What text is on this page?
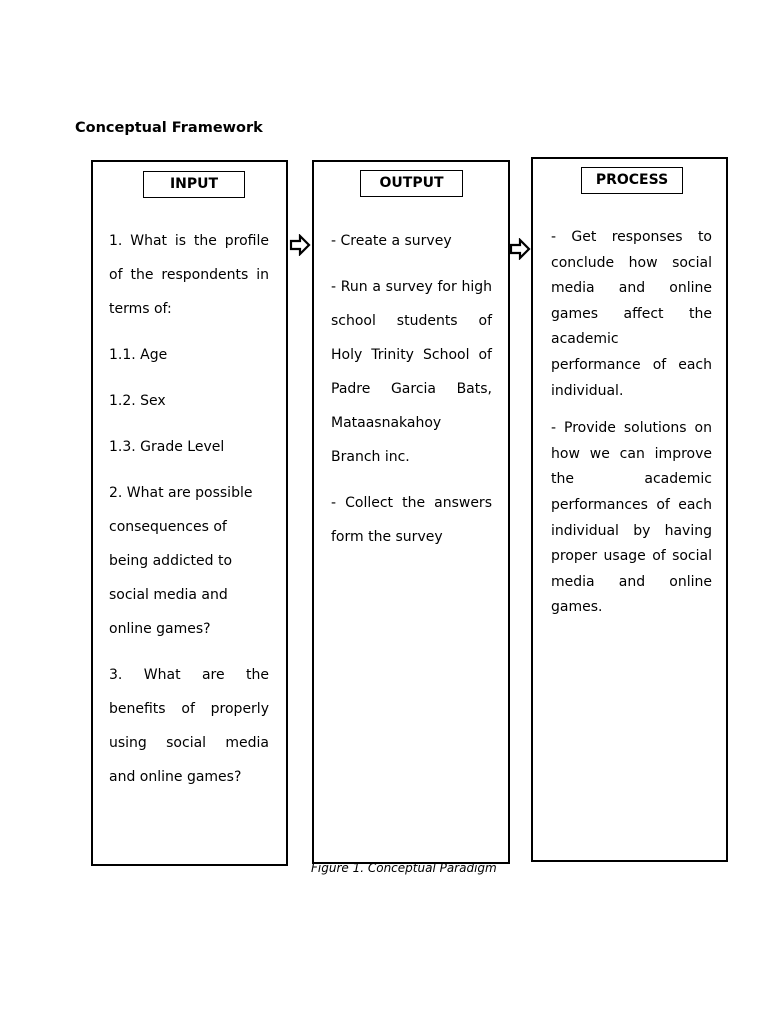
Conceptual Framework
INPUT

1. What is the profile of the respondents in terms of:

1.1. Age

1.2. Sex

1.3. Grade Level

2. What are possible consequences of being addicted to social media and online games?

3. What are the benefits of properly using social media and online games?

OUTPUT

- Create a survey

- Run a survey for high school students of Holy Trinity School of Padre Garcia Bats, Mataasnakahoy Branch inc.

- Collect the answers form the survey

PROCESS

- Get responses to conclude how social media and online games affect the academic performance of each individual.

- Provide solutions on how we can improve the academic performances of each individual by having proper usage of social media and online games.

Figure 1. Conceptual Paradigm
